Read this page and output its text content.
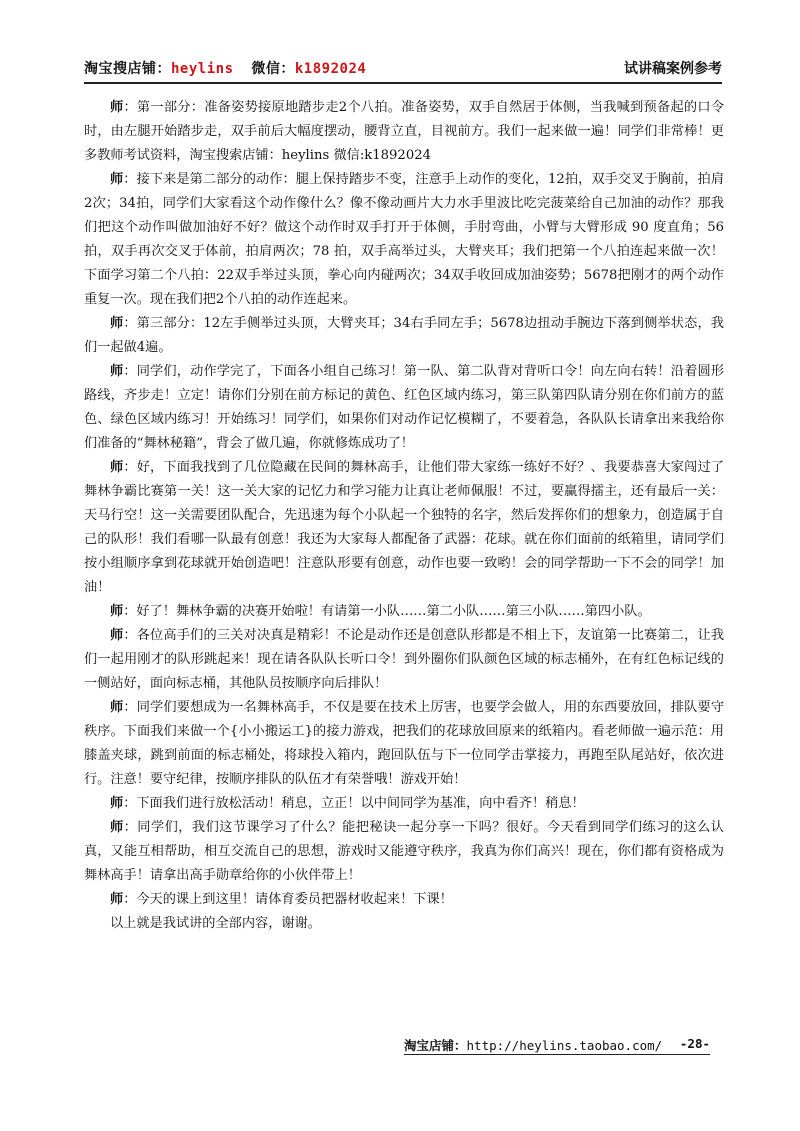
淘宝搜店铺：heylins  微信：k1892024	试讲稿案例参考

师：第一部分：准备姿势接原地踏步走2个八拍。准备姿势，双手自然居于体侧，当我喊到预备起的口令时，由左腿开始踏步走，双手前后大幅度摆动，腰背立直，目视前方。我们一起来做一遍！同学们非常棒！更多教师考试资料，淘宝搜索店铺：heylins 微信:k1892024

师：接下来是第二部分的动作：腿上保持踏步不变，注意手上动作的变化，12拍，双手交叉于胸前，拍肩2次；34拍，同学们大家看这个动作像什么？像不像动画片大力水手里波比吃完菠菜给自己加油的动作？那我们把这个动作叫做加油好不好？做这个动作时双手打开于体侧，手肘弯曲，小臂与大臂形成 90 度直角；56 拍，双手再次交叉于体前，拍肩两次；78 拍，双手高举过头，大臂夹耳；我们把第一个八拍连起来做一次！下面学习第二个八拍：22双手举过头顶，拳心向内碰两次；34双手收回成加油姿势；5678把刚才的两个动作重复一次。现在我们把2个八拍的动作连起来。

师：第三部分：12左手侧举过头顶，大臂夹耳；34右手同左手；5678边扭动手腕边下落到侧举状态，我们一起做4遍。

师：同学们，动作学完了，下面各小组自己练习！第一队、第二队背对背听口令！向左向右转！沿着圆形路线，齐步走！立定！请你们分别在前方标记的黄色、红色区域内练习，第三队第四队请分别在你们前方的蓝色、绿色区域内练习！开始练习！同学们，如果你们对动作记忆模糊了，不要着急，各队队长请拿出来我给你们准备的“舞林秘籍”，背会了做几遍，你就修炼成功了！

师：好，下面我找到了几位隐藏在民间的舞林高手，让他们带大家练一练好不好？、我要恭喜大家闯过了舞林争霸比赛第一关！这一关大家的记忆力和学习能力让真让老师佩服！不过，要赢得擂主，还有最后一关：天马行空！这一关需要团队配合，先迅速为每个小队起一个独特的名字，然后发挥你们的想象力，创造属于自己的队形！我们看哪一队最有创意！我还为大家每人都配备了武器：花球。就在你们面前的纸箱里，请同学们按小组顺序拿到花球就开始创造吧！注意队形要有创意，动作也要一致哟！会的同学帮助一下不会的同学！加油！

师：好了！舞林争霸的决赛开始啦！有请第一小队……第二小队……第三小队……第四小队。

师：各位高手们的三关对决真是精彩！不论是动作还是创意队形都是不相上下，友谊第一比赛第二，让我们一起用刚才的队形跳起来！现在请各队队长听口令！到外圈你们队颜色区域的标志桶外，在有红色标记线的一侧站好，面向标志桶，其他队员按顺序向后排队！

师：同学们要想成为一名舞林高手，不仅是要在技术上厉害，也要学会做人，用的东西要放回，排队要守秩序。下面我们来做一个{小小搬运工}的接力游戏，把我们的花球放回原来的纸箱内。看老师做一遍示范：用膝盖夹球，跳到前面的标志桶处，将球投入箱内，跑回队伍与下一位同学击掌接力，再跑至队尾站好，依次进行。注意！要守纪律，按顺序排队的队伍才有荣誉哦！游戏开始！

师：下面我们进行放松活动！稍息，立正！以中间同学为基准，向中看齐！稍息！

师：同学们，我们这节课学习了什么？能把秘诀一起分享一下吗？很好。今天看到同学们练习的这么认真，又能互相帮助，相互交流自己的思想，游戏时又能遵守秩序，我真为你们高兴！现在，你们都有资格成为舞林高手！请拿出高手勋章给你的小伙伴带上！

师：今天的课上到这里！请体育委员把器材收起来！下课！

以上就是我试讲的全部内容，谢谢。

淘宝店铺：http://heylins.taobao.com/ -28-
